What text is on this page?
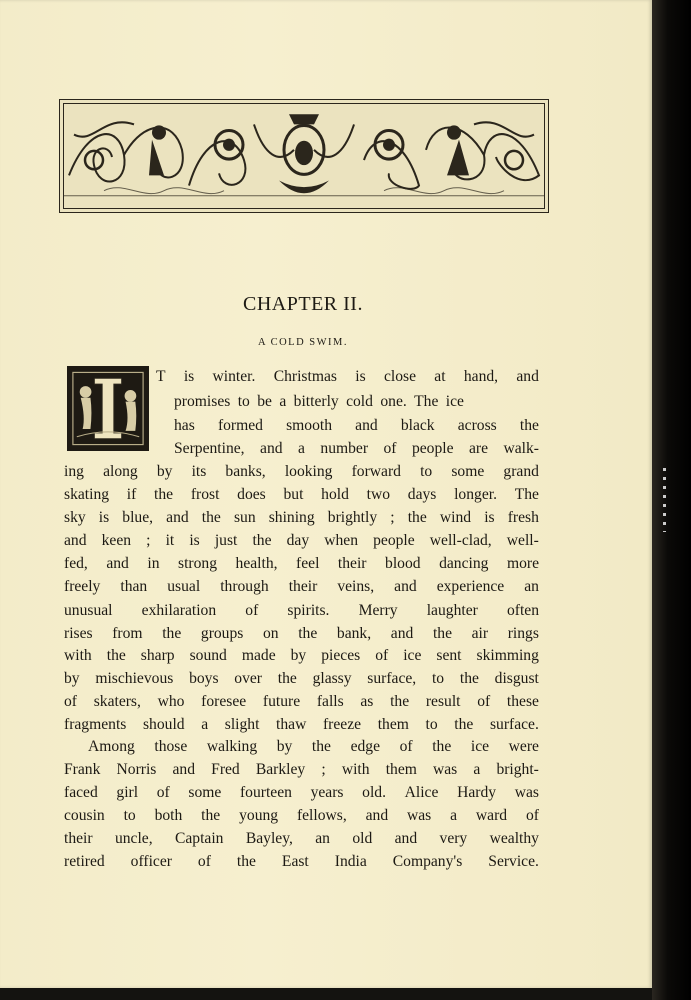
CHAPTER II.
A COLD SWIM.
T is winter. Christmas is close at hand, and
promises to be a bitterly cold one. The ice
has formed smooth and black across the
Serpentine, and a number of people are walk-
ing along by its banks, looking forward to some grand
skating if the frost does but hold two days longer. The
sky is blue, and the sun shining brightly ; the wind is fresh
and keen ; it is just the day when people well-clad, well-
fed, and in strong health, feel their blood dancing more
freely than usual through their veins, and experience an
unusual exhilaration of spirits. Merry laughter often
rises from the groups on the bank, and the air rings
with the sharp sound made by pieces of ice sent skimming
by mischievous boys over the glassy surface, to the disgust
of skaters, who foresee future falls as the result of these
fragments should a slight thaw freeze them to the surface.
Among those walking by the edge of the ice were
Frank Norris and Fred Barkley ; with them was a bright-
faced girl of some fourteen years old. Alice Hardy was
cousin to both the young fellows, and was a ward of
their uncle, Captain Bayley, an old and very wealthy
retired officer of the East India Company's Service.
